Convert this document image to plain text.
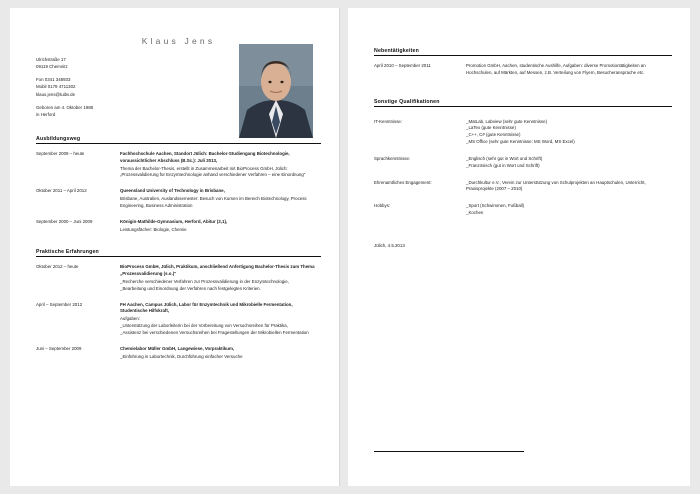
Klaus Jens
Ulrichstraße 17
09119 Chemnitz
Fon 0341 348933
Mobil 0179 4711302
klaus.jens@tuibv.de
Geboren am 4. Oktober 1988
in Herford
Ausbildungsweg
September 2009 – heute	Fachhochschule Aachen, Standort Jülich: Bachelor-Studiengang Biotechnologie, voraussichtlicher Abschluss (B.Sc.): Juli 2013,
Thema der Bachelor-Thesis, erstellt in Zusammenarbeit mit BioProcess GmbH, Jülich: „Prozessvalidierung für Enzymtechnologie anhand verschiedener Verfahren – eine Einordnung"
Oktober 2011 – April 2012	Queensland University of Technology in Brisbane,
Brisbane, Australien, Auslandssemester: Besuch von Kursen im Bereich Biotechnology, Process Engineering, Business Administration
September 2000 – Juni 2009	Königin-Mathilde-Gymnasium, Herford, Abitur (2,1),
Leistungsfächer: Biologie, Chemie
Praktische Erfahrungen
Oktober 2012 – heute	BioProcess GmbH, Jülich, Praktikum, anschließend Anfertigung Bachelor-Thesis zum Thema „Prozessvalidierung (s.o.)"
_Recherche verschiedener Verfahren zur Prozessvalidierung in der Enzymtechnologie,
_Bearbeitung und Einordnung der Verfahren nach festgelegten Kriterien.
April – September 2012	FH Aachen, Campus Jülich, Labor für Enzymtechnik und Mikrobielle Fermentation, Studentische Hilfskraft,
Aufgaben:
_Unterstützung der Laborleiterin bei der Vorbereitung von Versuchsreihen für Praktika,
_Assistenz bei verschiedenen Versuchsreihen bei Fragestellungen der Mikrobiellen Fermentation
Juni – September 2009	Chemielabor Müller GmbH, Langewiese, Vorpraktikum,
_Einführung in Labortechnik, Durchführung einfacher Versuche
Nebentätigkeiten
April 2010 – September 2011	Promotion GmbH, Aachen, studentische Aushilfe, Aufgaben: diverse Promotiontätigkeiten an Hochschulen, auf Märkten, auf Messen, z.B. Verteilung von Flyern, Besucheransprache etc.
Sonstige Qualifikationen
IT-Kenntnisse:	_MatLab, Labview (sehr gute Kenntnisse)
_LaTex (gute Kenntnisse)
_C++, C# (gute Kenntnisse)
_MS Office (sehr gute Kenntnisse: MS Word, MS Excel)
Sprachkenntnisse:	_Englisch (sehr gut in Wort und Schrift)
_Französisch (gut in Wort und Schrift)
Ehrenamtliches Engagement:	_Durchkultur e.V., Verein zur Unterstützung von Schulprojekten an Hauptschulen, Unterricht, Praxisprojekte (2007 – 2010)
Hobbys:	_Sport (Schwimmen, Fußball)
_Kochen
Jülich, 4.5.2013
